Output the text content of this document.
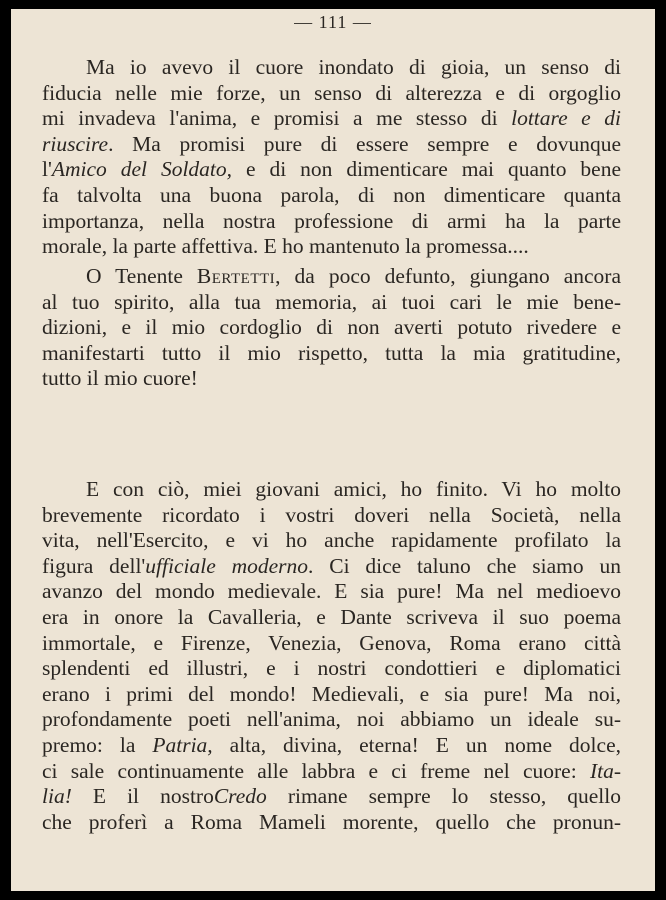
— 111 —
Ma io avevo il cuore inondato di gioia, un senso di
fiducia nelle mie forze, un senso di alterezza e di orgoglio
mi invadeva l'anima, e promisi a me stesso di lottare e di
riuscire. Ma promisi pure di essere sempre e dovunque
l'Amico del Soldato, e di non dimenticare mai quanto bene
fa talvolta una buona parola, di non dimenticare quanta
importanza, nella nostra professione di armi ha la parte
morale, la parte affettiva. E ho mantenuto la promessa....
O Tenente Bertetti, da poco defunto, giungano ancora
al tuo spirito, alla tua memoria, ai tuoi cari le mie bene-
dizioni, e il mio cordoglio di non averti potuto rivedere e
manifestarti tutto il mio rispetto, tutta la mia gratitudine,
tutto il mio cuore!
E con ciò, miei giovani amici, ho finito. Vi ho molto
brevemente ricordato i vostri doveri nella Società, nella
vita, nell'Esercito, e vi ho anche rapidamente profilato la
figura dell'ufficiale moderno. Ci dice taluno che siamo un
avanzo del mondo medievale. E sia pure! Ma nel medioevo
era in onore la Cavalleria, e Dante scriveva il suo poema
immortale, e Firenze, Venezia, Genova, Roma erano città
splendenti ed illustri, e i nostri condottieri e diplomatici
erano i primi del mondo! Medievali, e sia pure! Ma noi,
profondamente poeti nell'anima, noi abbiamo un ideale su-
premo: la Patria, alta, divina, eterna! E un nome dolce,
ci sale continuamente alle labbra e ci freme nel cuore: Ita-
lia! E il nostroCredo rimane sempre lo stesso, quello
che proferì a Roma Mameli morente, quello che pronun-
